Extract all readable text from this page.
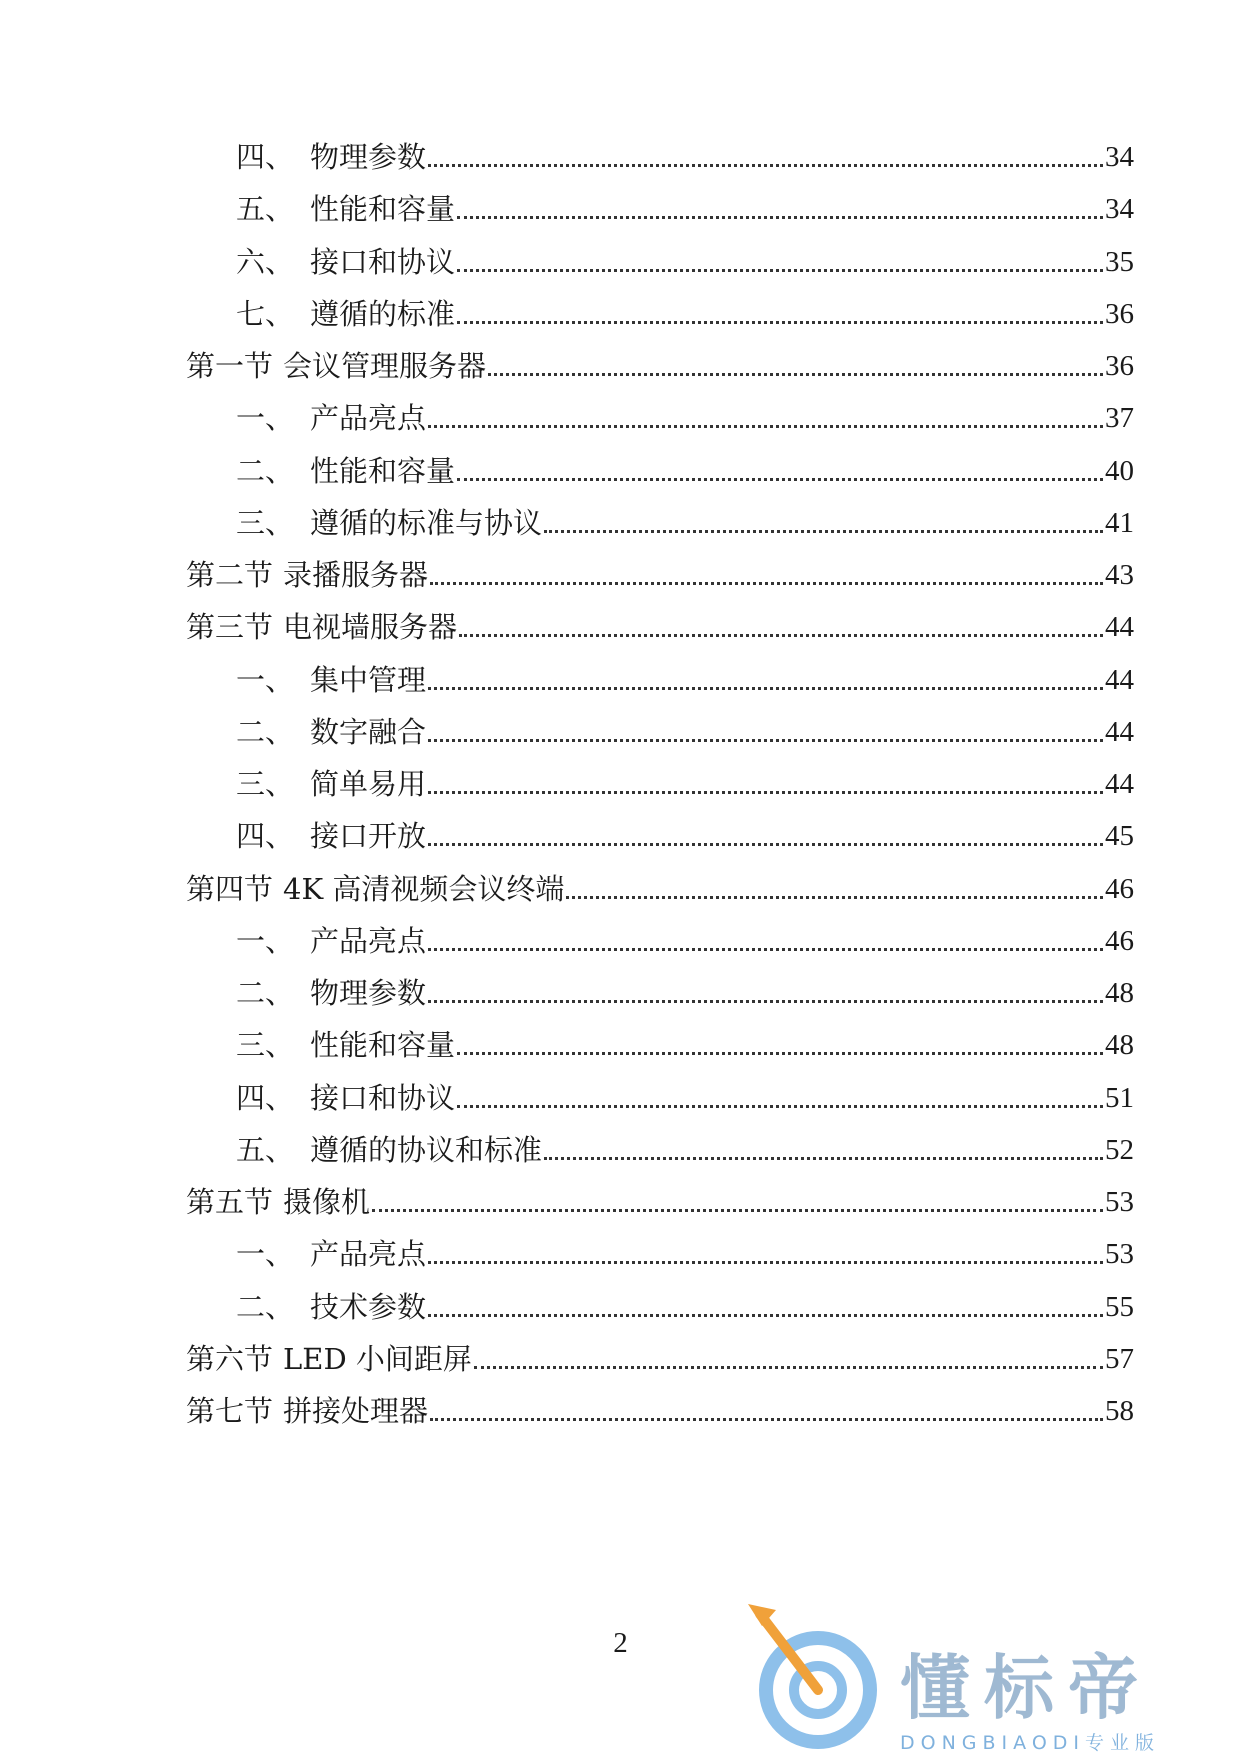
四、 物理参数	34
五、 性能和容量	34
六、 接口和协议	35
七、 遵循的标准	36
第一节 会议管理服务器	36
一、 产品亮点	37
二、 性能和容量	40
三、 遵循的标准与协议	41
第二节 录播服务器	43
第三节 电视墙服务器	44
一、 集中管理	44
二、 数字融合	44
三、 简单易用	44
四、 接口开放	45
第四节 4K 高清视频会议终端	46
一、 产品亮点	46
二、 物理参数	48
三、 性能和容量	48
四、 接口和协议	51
五、 遵循的协议和标准	52
第五节 摄像机	53
一、 产品亮点	53
二、 技术参数	55
第六节 LED 小间距屏	57
第七节 拼接处理器	58
2
懂标帝
DONGBIAODI专业版
